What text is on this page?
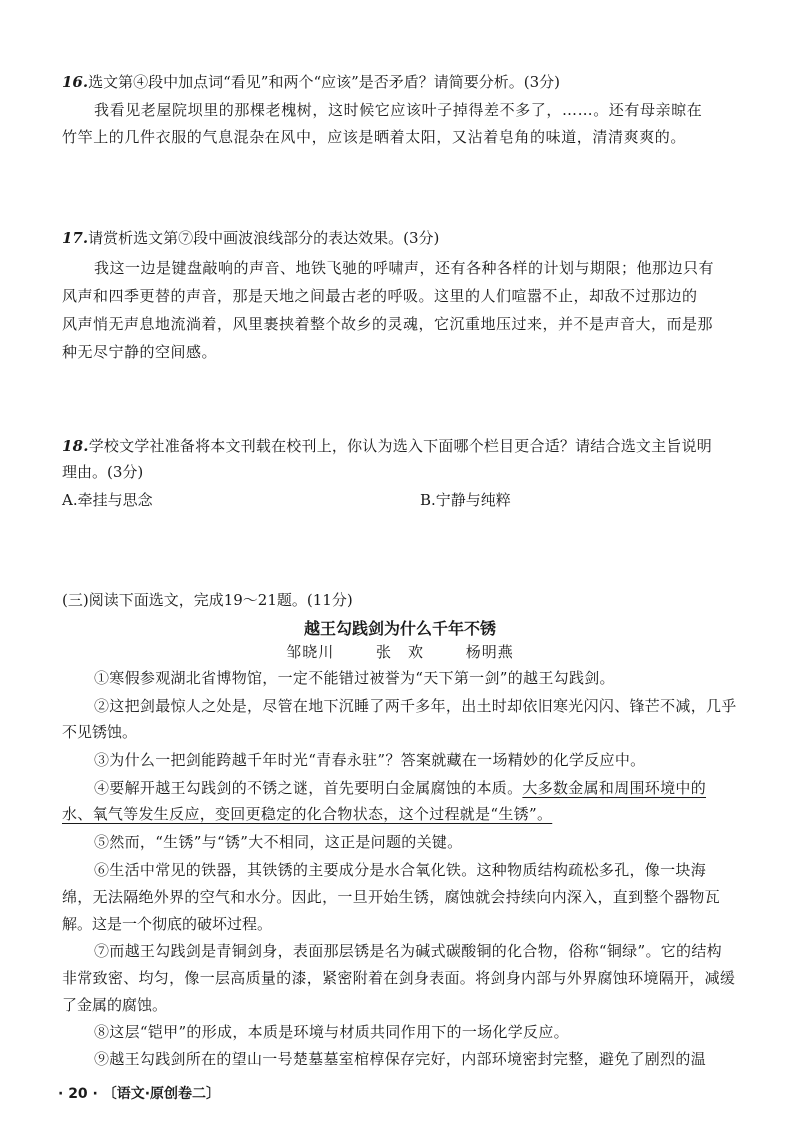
16.选文第④段中加点词“看见”和两个“应该”是否矛盾？请简要分析。(3分)
我看见老屋院坝里的那棵老槐树，这时候它应该叶子掉得差不多了，……。还有母亲晾在
竹竿上的几件衣服的气息混杂在风中，应该是晒着太阳，又沾着皂角的味道，清清爽爽的。
17.请赏析选文第⑦段中画波浪线部分的表达效果。(3分)
我这一边是键盘敲响的声音、地铁飞驰的呼啸声，还有各种各样的计划与期限；他那边只有
风声和四季更替的声音，那是天地之间最古老的呼吸。这里的人们喧嚣不止，却敌不过那边的
风声悄无声息地流淌着，风里裹挟着整个故乡的灵魂，它沉重地压过来，并不是声音大，而是那
种无尽宁静的空间感。
18.学校文学社准备将本文刊载在校刊上，你认为选入下面哪个栏目更合适？请结合选文主旨说明
理由。(3分)
A.牵挂与思念	B.宁静与纯粹
(三)阅读下面选文，完成19～21题。(11分)
越王勾践剑为什么千年不锈
邹晓川	张　欢	杨明燕
①寒假参观湖北省博物馆，一定不能错过被誉为“天下第一剑”的越王勾践剑。
②这把剑最惊人之处是，尽管在地下沉睡了两千多年，出土时却依旧寒光闪闪、锋芒不减，几乎
不见锈蚀。
③为什么一把剑能跨越千年时光“青春永驻”？答案就藏在一场精妙的化学反应中。
④要解开越王勾践剑的不锈之谜，首先要明白金属腐蚀的本质。大多数金属和周围环境中的
水、氧气等发生反应，变回更稳定的化合物状态，这个过程就是“生锈”。
⑤然而，“生锈”与“锈”大不相同，这正是问题的关键。
⑥生活中常见的铁器，其铁锈的主要成分是水合氧化铁。这种物质结构疏松多孔，像一块海
绵，无法隔绝外界的空气和水分。因此，一旦开始生锈，腐蚀就会持续向内深入，直到整个器物瓦
解。这是一个彻底的破坏过程。
⑦而越王勾践剑是青铜剑身，表面那层锈是名为碱式碳酸铜的化合物，俗称“铜绿”。它的结构
非常致密、均匀，像一层高质量的漆，紧密附着在剑身表面。将剑身内部与外界腐蚀环境隔开，减缓
了金属的腐蚀。
⑧这层“铠甲”的形成，本质是环境与材质共同作用下的一场化学反应。
⑨越王勾践剑所在的望山一号楚墓墓室棺椁保存完好，内部环境密封完整，避免了剧烈的温
· 20 · 〔语文·原创卷二〕
